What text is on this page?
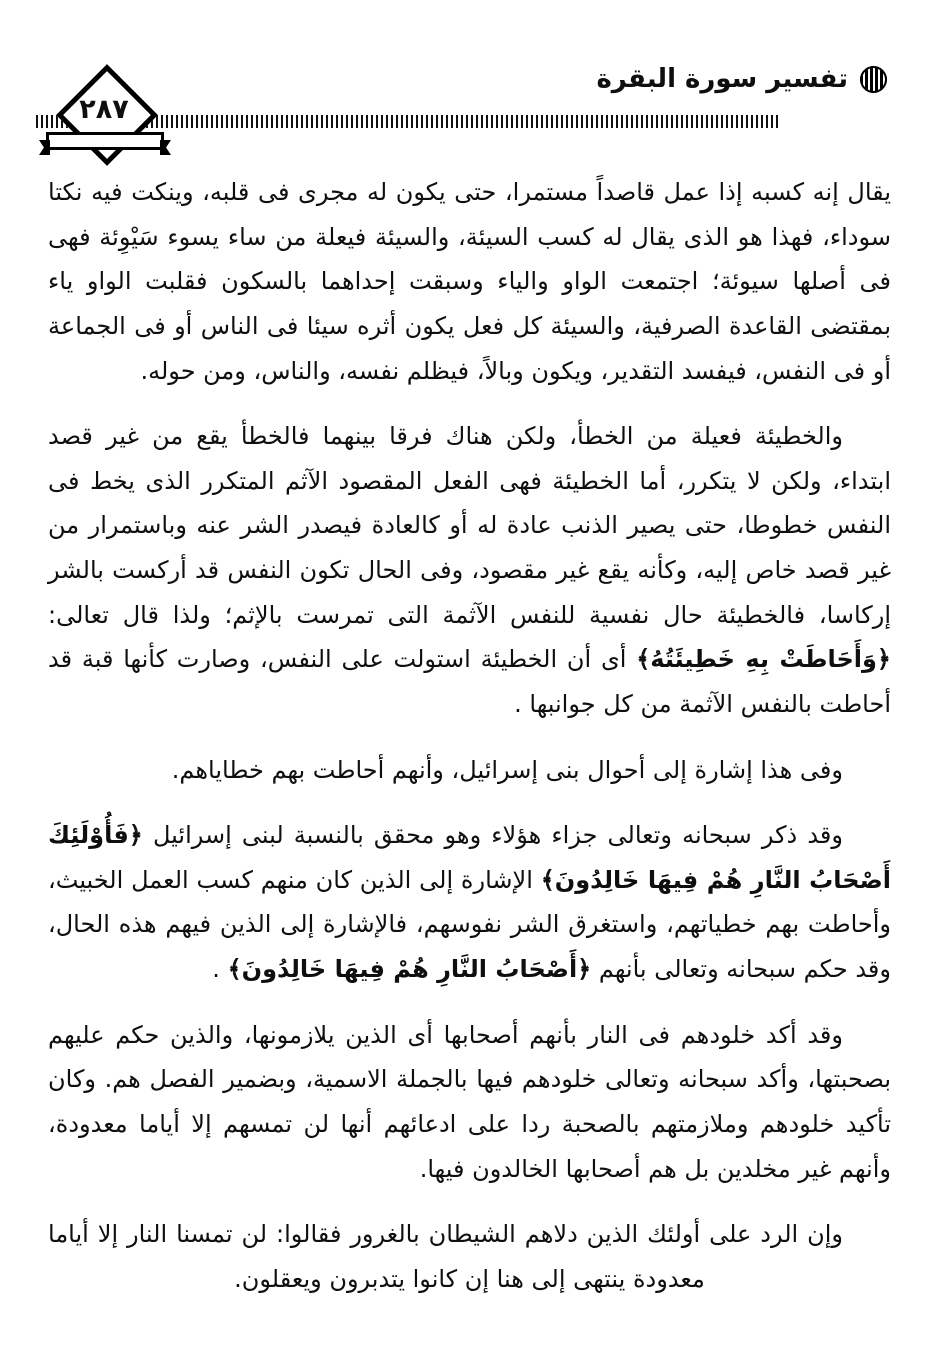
تفسير سورة البقرة
٢٨٧

يقال إنه كسبه إذا عمل قاصداً مستمرا، حتى يكون له مجرى فى قلبه، وينكت فيه نكتا سوداء، فهذا هو الذى يقال له كسب السيئة، والسيئة فيعلة من ساء يسوء سَيْوِئة فهى فى أصلها سيوئة؛ اجتمعت الواو والياء وسبقت إحداهما بالسكون فقلبت الواو ياء بمقتضى القاعدة الصرفية، والسيئة كل فعل يكون أثره سيئا فى الناس أو فى الجماعة أو فى النفس، فيفسد التقدير، ويكون وبالاً، فيظلم نفسه، والناس، ومن حوله.

والخطيئة فعيلة من الخطأ، ولكن هناك فرقا بينهما فالخطأ يقع من غير قصد ابتداء، ولكن لا يتكرر، أما الخطيئة فهى الفعل المقصود الآثم المتكرر الذى يخط فى النفس خطوطا، حتى يصير الذنب عادة له أو كالعادة فيصدر الشر عنه وباستمرار من غير قصد خاص إليه، وكأنه يقع غير مقصود، وفى الحال تكون النفس قد أركست بالشر إركاسا، فالخطيئة حال نفسية للنفس الآثمة التى تمرست بالإثم؛ ولذا قال تعالى: ﴿وَأَحَاطَتْ بِهِ خَطِيئَتُهُ﴾ أى أن الخطيئة استولت على النفس، وصارت كأنها قبة قد أحاطت بالنفس الآثمة من كل جوانبها .

وفى هذا إشارة إلى أحوال بنى إسرائيل، وأنهم أحاطت بهم خطاياهم.

وقد ذكر سبحانه وتعالى جزاء هؤلاء وهو محقق بالنسبة لبنى إسرائيل ﴿فَأُوْلَئِكَ أَصْحَابُ النَّارِ هُمْ فِيهَا خَالِدُونَ﴾ الإشارة إلى الذين كان منهم كسب العمل الخبيث، وأحاطت بهم خطياتهم، واستغرق الشر نفوسهم، فالإشارة إلى الذين فيهم هذه الحال، وقد حكم سبحانه وتعالى بأنهم ﴿أَصْحَابُ النَّارِ هُمْ فِيهَا خَالِدُونَ﴾ .

وقد أكد خلودهم فى النار بأنهم أصحابها أى الذين يلازمونها، والذين حكم عليهم بصحبتها، وأكد سبحانه وتعالى خلودهم فيها بالجملة الاسمية، وبضمير الفصل هم. وكان تأكيد خلودهم وملازمتهم بالصحبة ردا على ادعائهم أنها لن تمسهم إلا أياما معدودة، وأنهم غير مخلدين بل هم أصحابها الخالدون فيها.

وإن الرد على أولئك الذين دلاهم الشيطان بالغرور فقالوا: لن تمسنا النار إلا أياما معدودة ينتهى إلى هنا إن كانوا يتدبرون ويعقلون.
